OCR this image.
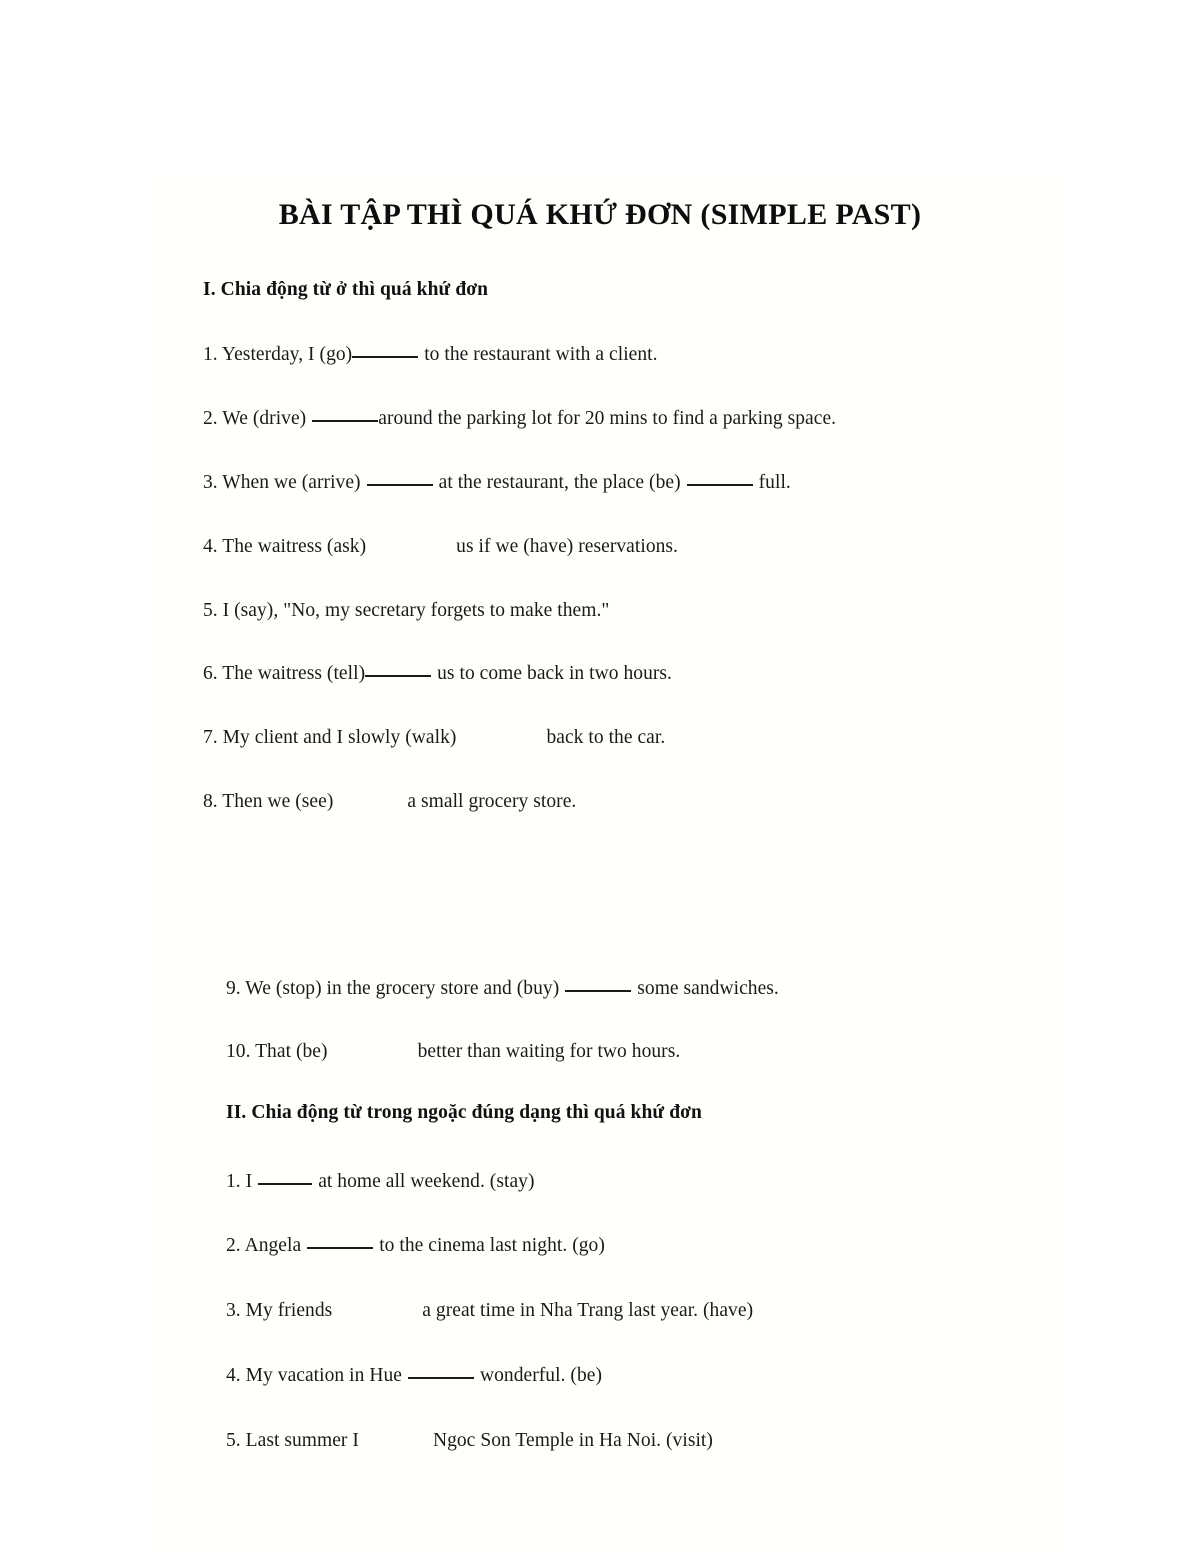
BÀI TẬP THÌ QUÁ KHỨ ĐƠN (SIMPLE PAST)
I. Chia động từ ở thì quá khứ đơn
1. Yesterday, I (go)	to the restaurant with a client.
2. We (drive)	around the parking lot for 20 mins to find a parking space.
3. When we (arrive)	at the restaurant, the place (be)	full.
4. The waitress (ask)	us if we (have) reservations.
5. I (say), "No, my secretary forgets to make them."
6. The waitress (tell)	us to come back in two hours.
7. My client and I slowly (walk)	back to the car.
8. Then we (see)	a small grocery store.
9. We (stop) in the grocery store and (buy)	some sandwiches.
10. That (be)	better than waiting for two hours.
II. Chia động từ trong ngoặc đúng dạng thì quá khứ đơn
1. I	at home all weekend. (stay)
2. Angela	to the cinema last night. (go)
3. My friends	a great time in Nha Trang last year. (have)
4. My vacation in Hue	wonderful. (be)
5. Last summer I	Ngoc Son Temple in Ha Noi. (visit)
